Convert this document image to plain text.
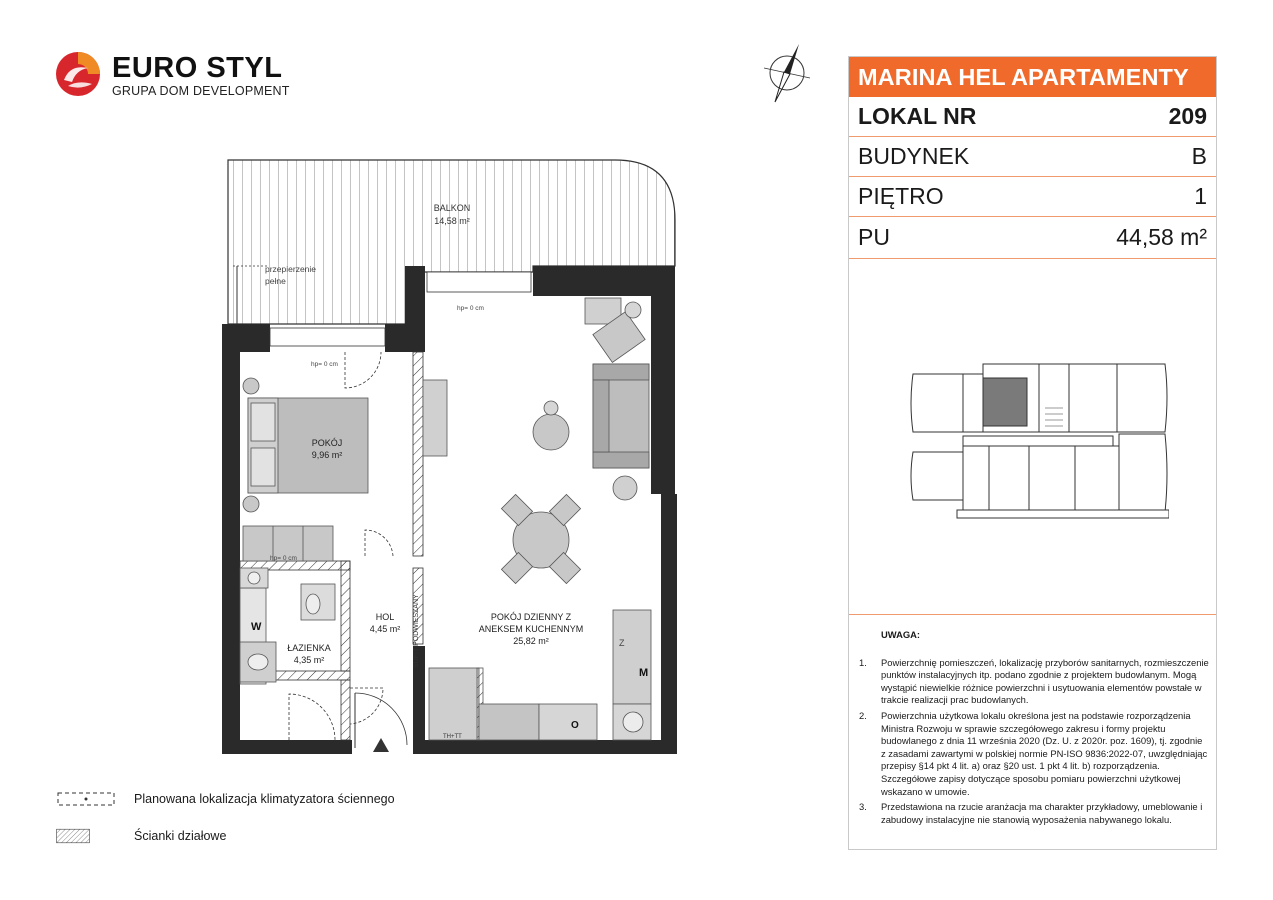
EURO STYL
GRUPA DOM DEVELOPMENT
BALKON
14,58 m²
przepierzenie
pełne
hp= 0 cm
hp= 0 cm
hp= 0 cm
POKÓJ
9,96 m²
HOL
4,45 m²
ŁAZIENKA
4,35 m²
POKÓJ DZIENNY Z
ANEKSEM KUCHENNYM
25,82 m²
SUFIT PODWIESZANY
TH+TT
W
M
Z
O
MARINA HEL APARTAMENTY
LOKAL NR	209
BUDYNEK	B
PIĘTRO	1
PU	44,58 m²
UWAGA:
1.	Powierzchnię pomieszczeń, lokalizację przyborów sanitarnych, rozmieszczenie punktów instalacyjnych itp. podano zgodnie z projektem budowlanym. Mogą wystąpić niewielkie różnice powierzchni i usytuowania elementów powstałe w trakcie realizacji prac budowlanych.
2.	Powierzchnia użytkowa lokalu określona jest na podstawie rozporządzenia Ministra Rozwoju w sprawie szczegółowego zakresu i formy projektu budowlanego z dnia 11 września 2020 (Dz. U. z 2020r. poz. 1609), tj. zgodnie z zasadami zawartymi w polskiej normie PN-ISO 9836:2022-07, uwzględniając przepisy §14 pkt 4 lit. a) oraz §20 ust. 1 pkt 4 lit. b) rozporządzenia. Szczegółowe zapisy dotyczące sposobu pomiaru powierzchni użytkowej wskazano w umowie.
3.	Przedstawiona na rzucie aranżacja ma charakter przykładowy, umeblowanie i zabudowy instalacyjne nie stanowią wyposażenia nabywanego lokalu.
Planowana lokalizacja klimatyzatora ściennego
Ścianki działowe
